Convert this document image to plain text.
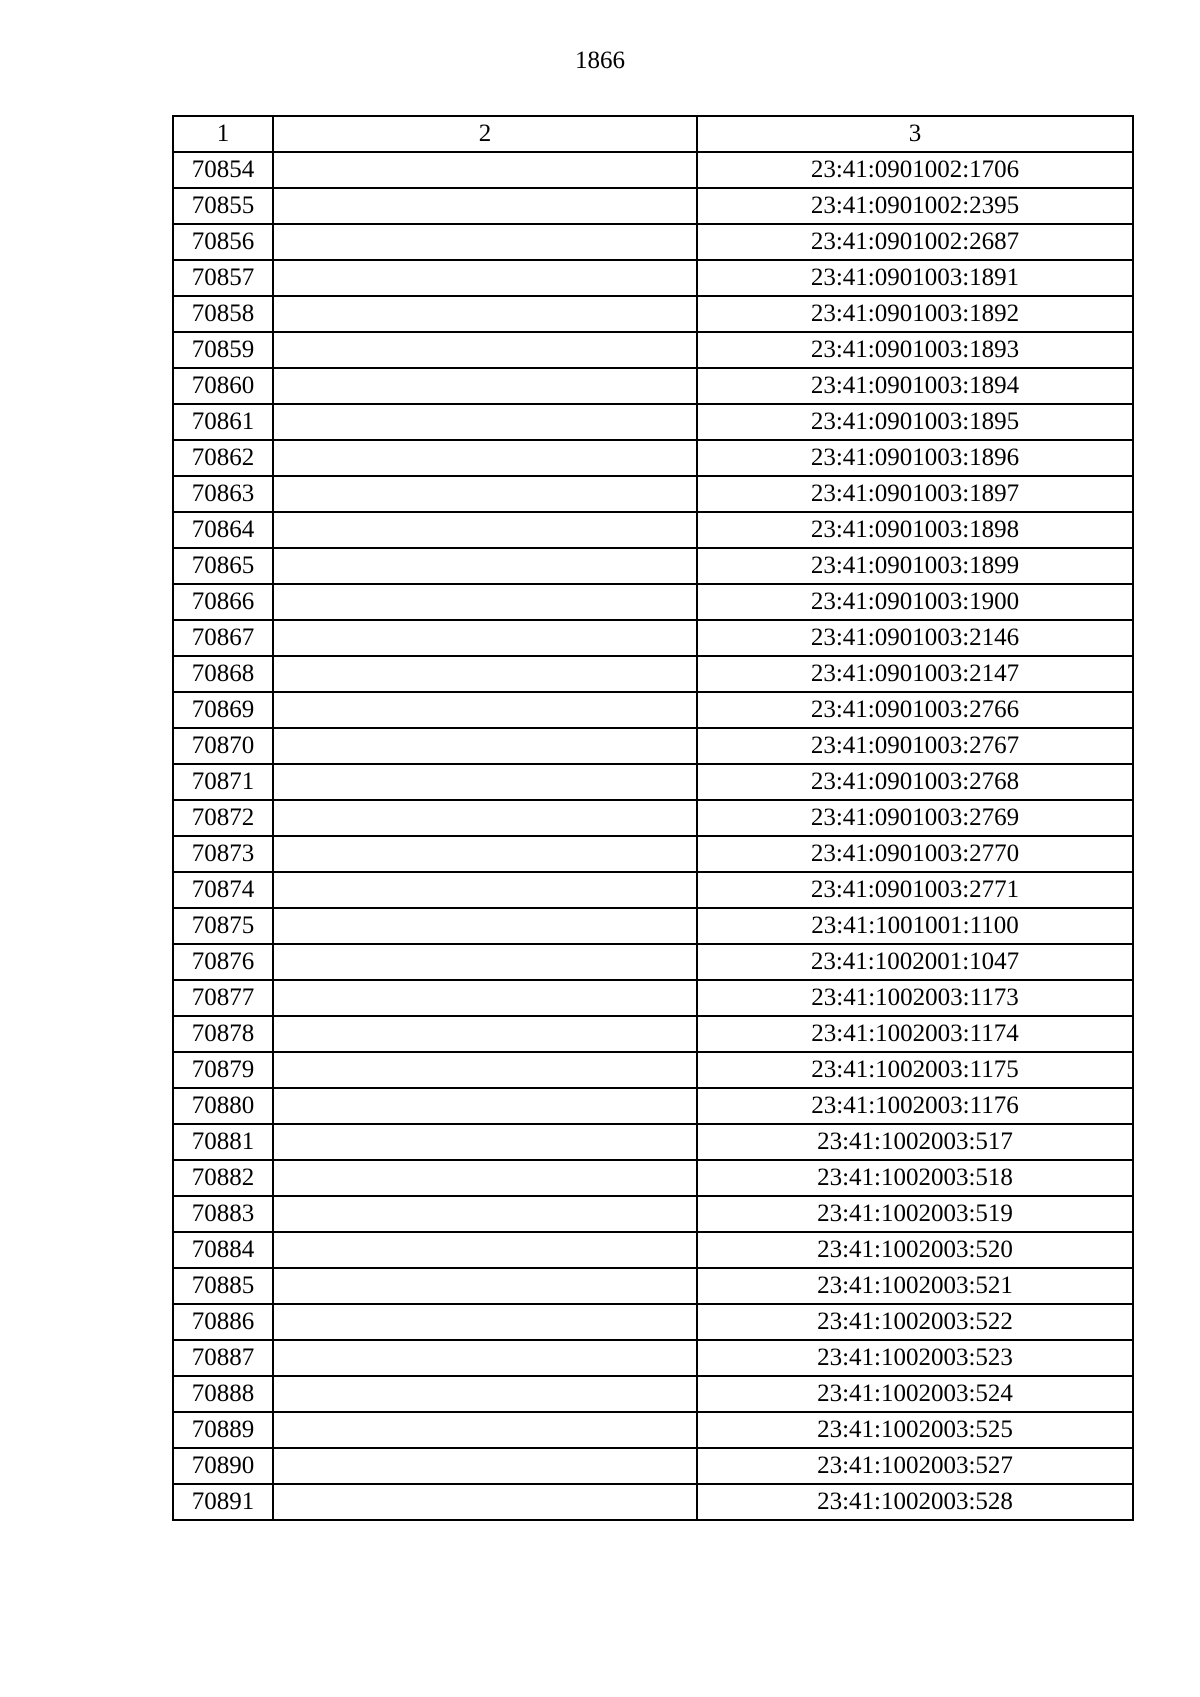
1866
1	2	3
70854		23:41:0901002:1706
70855		23:41:0901002:2395
70856		23:41:0901002:2687
70857		23:41:0901003:1891
70858		23:41:0901003:1892
70859		23:41:0901003:1893
70860		23:41:0901003:1894
70861		23:41:0901003:1895
70862		23:41:0901003:1896
70863		23:41:0901003:1897
70864		23:41:0901003:1898
70865		23:41:0901003:1899
70866		23:41:0901003:1900
70867		23:41:0901003:2146
70868		23:41:0901003:2147
70869		23:41:0901003:2766
70870		23:41:0901003:2767
70871		23:41:0901003:2768
70872		23:41:0901003:2769
70873		23:41:0901003:2770
70874		23:41:0901003:2771
70875		23:41:1001001:1100
70876		23:41:1002001:1047
70877		23:41:1002003:1173
70878		23:41:1002003:1174
70879		23:41:1002003:1175
70880		23:41:1002003:1176
70881		23:41:1002003:517
70882		23:41:1002003:518
70883		23:41:1002003:519
70884		23:41:1002003:520
70885		23:41:1002003:521
70886		23:41:1002003:522
70887		23:41:1002003:523
70888		23:41:1002003:524
70889		23:41:1002003:525
70890		23:41:1002003:527
70891		23:41:1002003:528
